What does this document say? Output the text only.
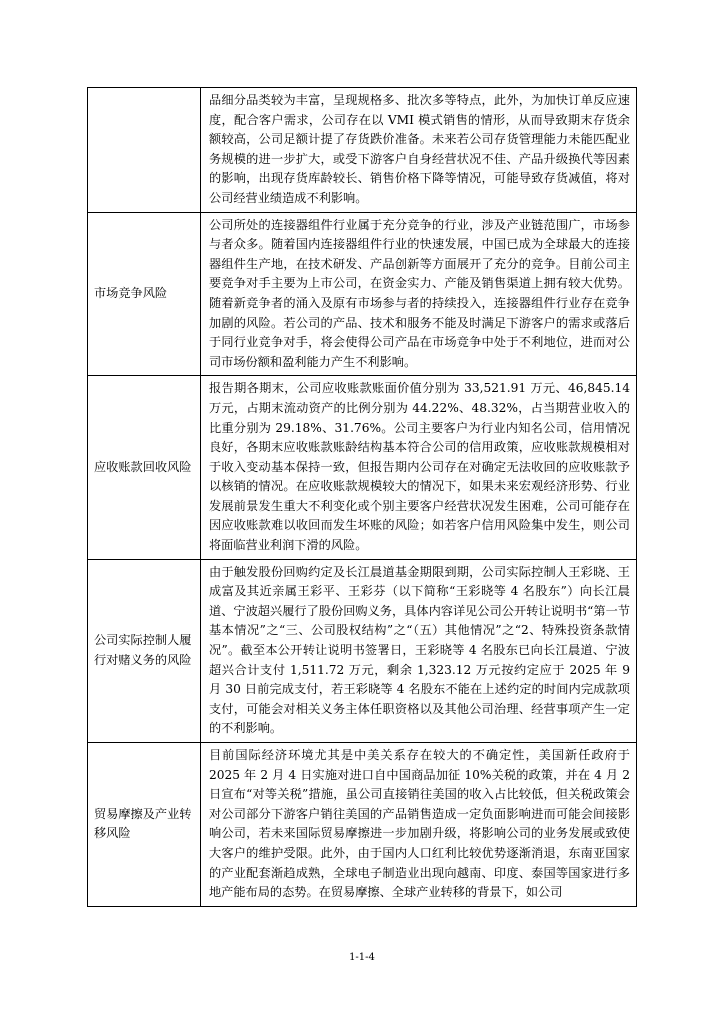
	品细分品类较为丰富，呈现规格多、批次多等特点，此外，为加快订单反应速度，配合客户需求，公司存在以 VMI 模式销售的情形，从而导致期末存货余额较高，公司足额计提了存货跌价准备。未来若公司存货管理能力未能匹配业务规模的进一步扩大，或受下游客户自身经营状况不佳、产品升级换代等因素的影响，出现存货库龄较长、销售价格下降等情况，可能导致存货减值，将对公司经营业绩造成不利影响。
市场竞争风险	公司所处的连接器组件行业属于充分竞争的行业，涉及产业链范围广，市场参与者众多。随着国内连接器组件行业的快速发展，中国已成为全球最大的连接器组件生产地，在技术研发、产品创新等方面展开了充分的竞争。目前公司主要竞争对手主要为上市公司，在资金实力、产能及销售渠道上拥有较大优势。随着新竞争者的涌入及原有市场参与者的持续投入，连接器组件行业存在竞争加剧的风险。若公司的产品、技术和服务不能及时满足下游客户的需求或落后于同行业竞争对手，将会使得公司产品在市场竞争中处于不利地位，进而对公司市场份额和盈利能力产生不利影响。
应收账款回收风险	报告期各期末，公司应收账款账面价值分别为 33,521.91 万元、46,845.14 万元，占期末流动资产的比例分别为 44.22%、48.32%，占当期营业收入的比重分别为 29.18%、31.76%。公司主要客户为行业内知名公司，信用情况良好，各期末应收账款账龄结构基本符合公司的信用政策，应收账款规模相对于收入变动基本保持一致，但报告期内公司存在对确定无法收回的应收账款予以核销的情况。在应收账款规模较大的情况下，如果未来宏观经济形势、行业发展前景发生重大不利变化或个别主要客户经营状况发生困难，公司可能存在因应收账款难以收回而发生坏账的风险；如若客户信用风险集中发生，则公司将面临营业利润下滑的风险。
公司实际控制人履行对赌义务的风险	由于触发股份回购约定及长江晨道基金期限到期，公司实际控制人王彩晓、王成富及其近亲属王彩平、王彩芬（以下简称“王彩晓等 4 名股东”）向长江晨道、宁波超兴履行了股份回购义务，具体内容详见公司公开转让说明书“第一节 基本情况”之“三、公司股权结构”之“（五）其他情况”之“2、特殊投资条款情况”。截至本公开转让说明书签署日，王彩晓等 4 名股东已向长江晨道、宁波超兴合计支付 1,511.72 万元，剩余 1,323.12 万元按约定应于 2025 年 9 月 30 日前完成支付，若王彩晓等 4 名股东不能在上述约定的时间内完成款项支付，可能会对相关义务主体任职资格以及其他公司治理、经营事项产生一定的不利影响。
贸易摩擦及产业转移风险	目前国际经济环境尤其是中美关系存在较大的不确定性，美国新任政府于 2025 年 2 月 4 日实施对进口自中国商品加征 10%关税的政策，并在 4 月 2 日宣布“对等关税”措施，虽公司直接销往美国的收入占比较低，但关税政策会对公司部分下游客户销往美国的产品销售造成一定负面影响进而可能会间接影响公司，若未来国际贸易摩擦进一步加剧升级，将影响公司的业务发展或致使大客户的维护受限。此外，由于国内人口红利比较优势逐渐消退，东南亚国家的产业配套渐趋成熟，全球电子制造业出现向越南、印度、泰国等国家进行多地产能布局的态势。在贸易摩擦、全球产业转移的背景下，如公司
1-1-4
